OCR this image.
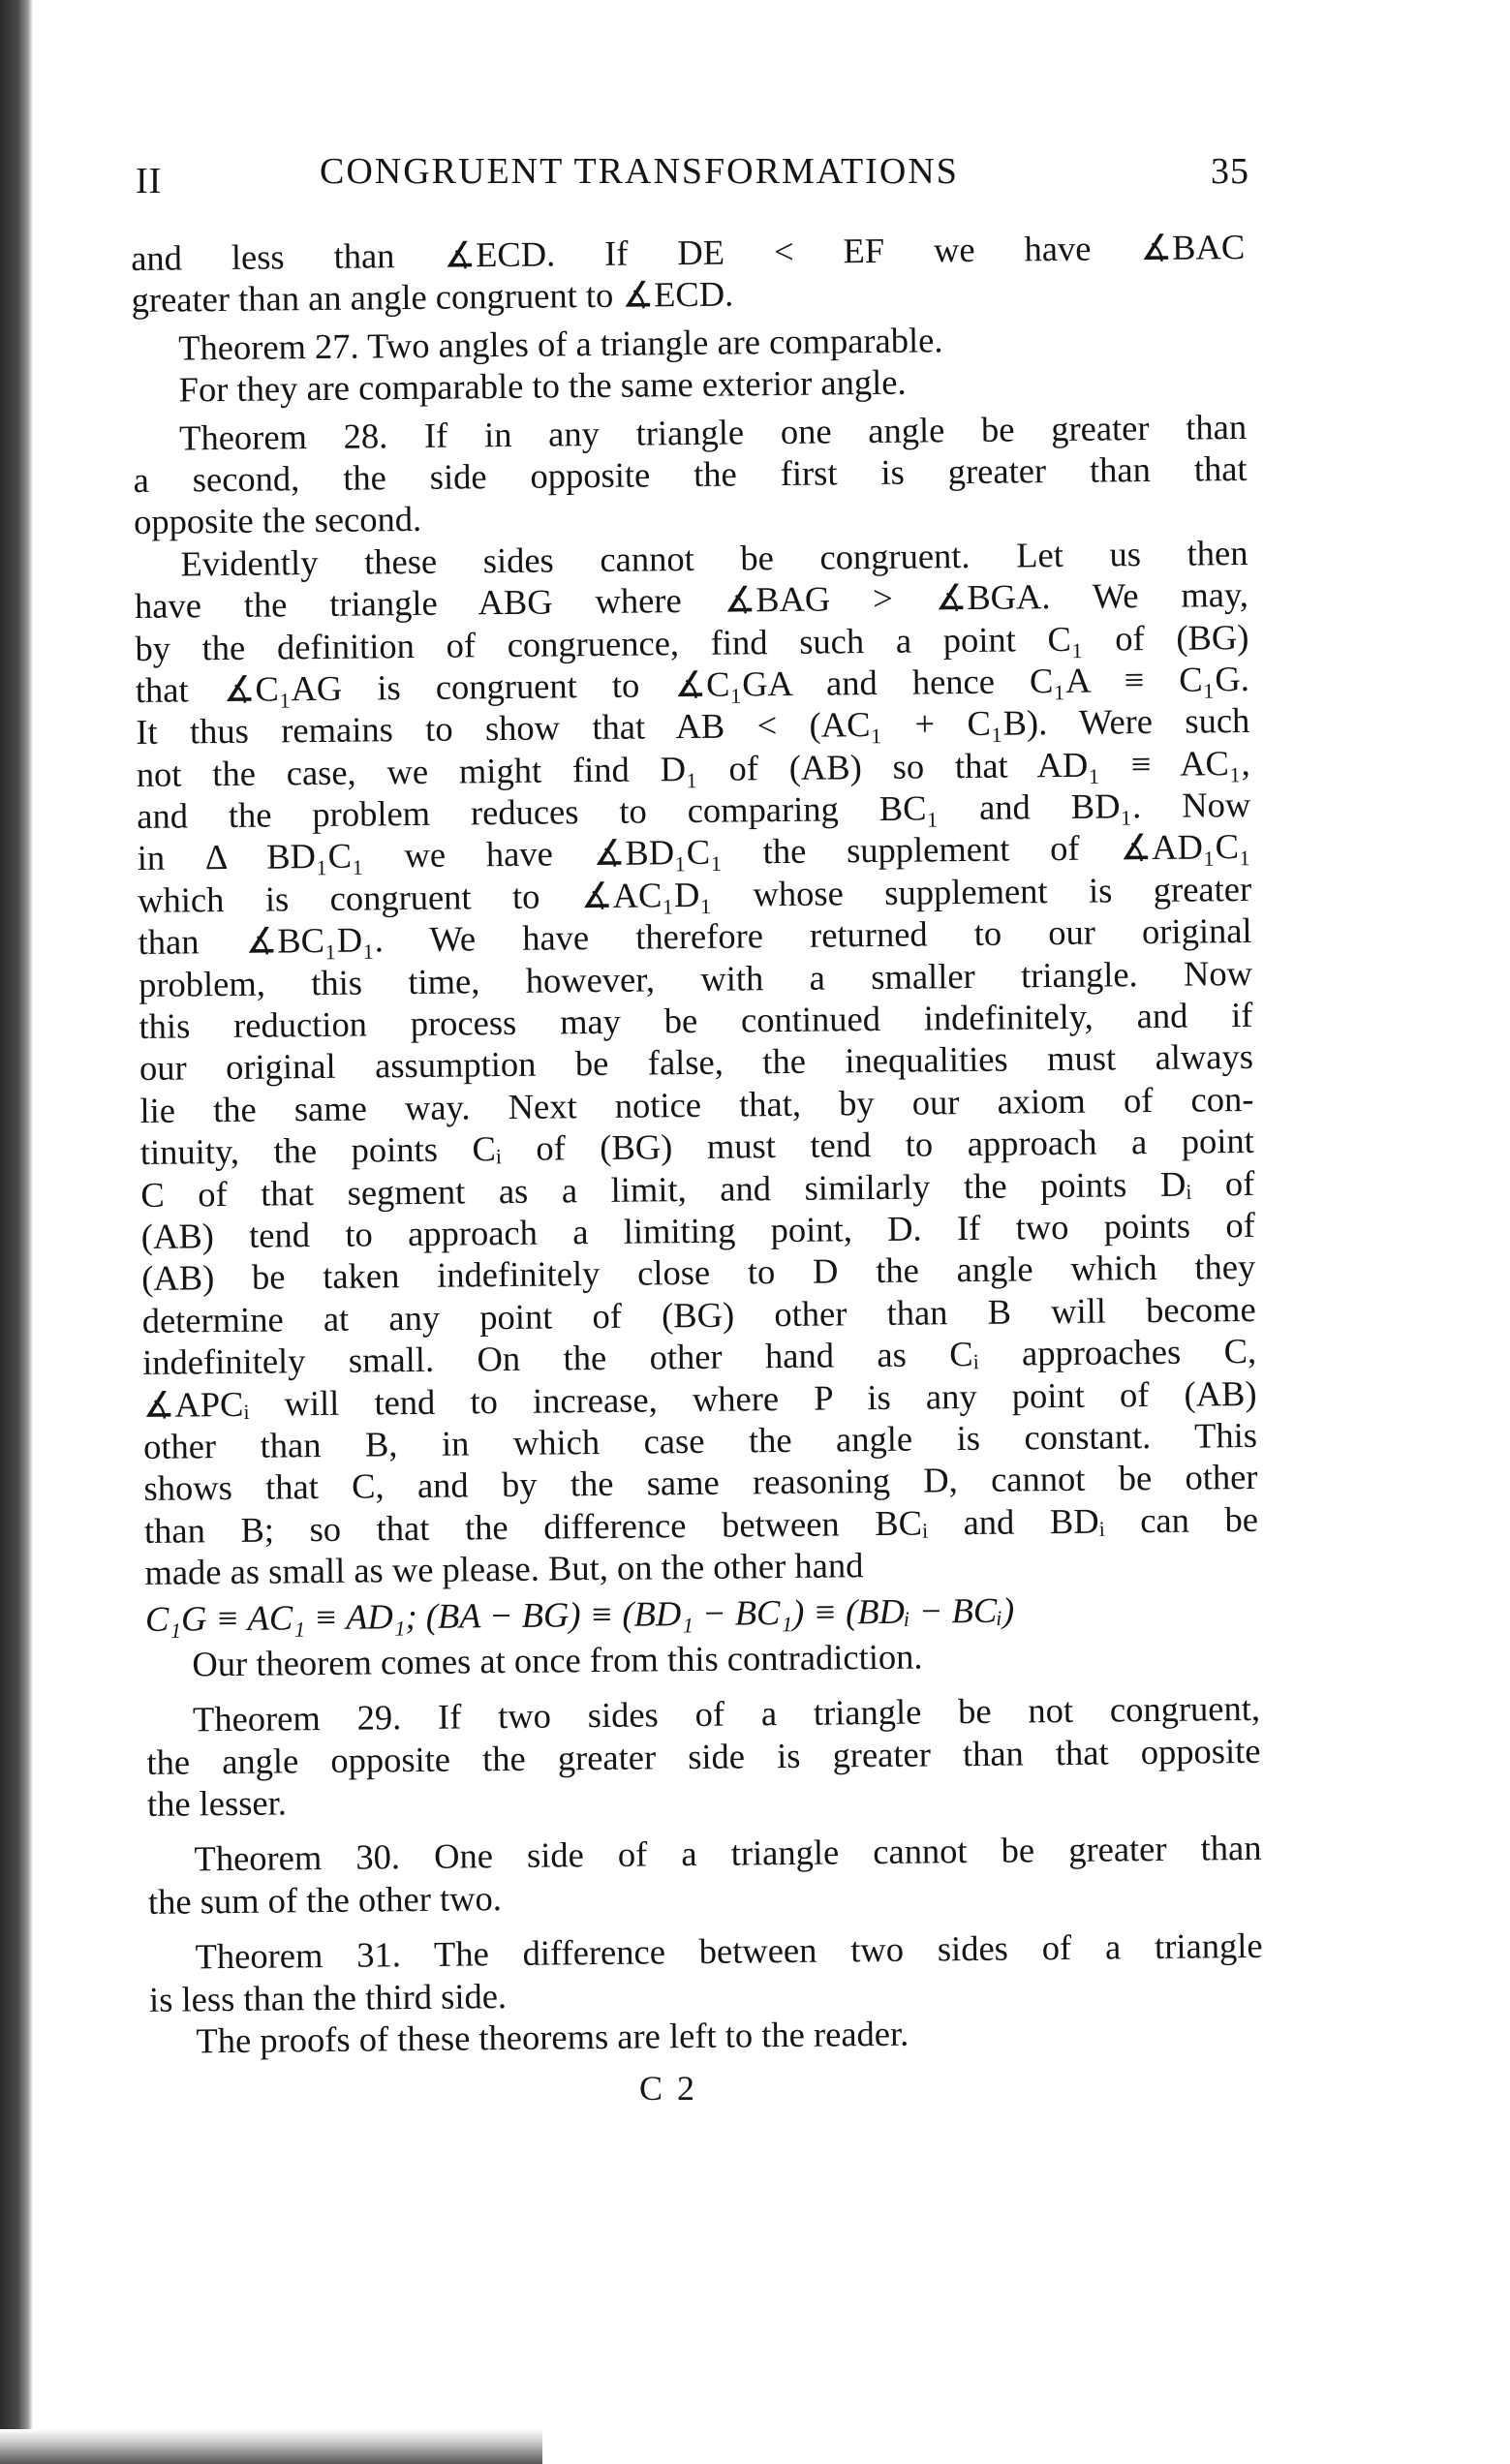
II	CONGRUENT TRANSFORMATIONS	35
and less than ∡ECD. If DE < EF we have ∡BAC
greater than an angle congruent to ∡ECD.
Theorem 27. Two angles of a triangle are comparable.
For they are comparable to the same exterior angle.
Theorem 28. If in any triangle one angle be greater than
a second, the side opposite the first is greater than that
opposite the second.
Evidently these sides cannot be congruent. Let us then
have the triangle ABG where ∡BAG > ∡BGA. We may,
by the definition of congruence, find such a point C₁ of (BG)
that ∡C₁AG is congruent to ∡C₁GA and hence C₁A ≡ C₁G.
It thus remains to show that AB < (AC₁ + C₁B). Were such
not the case, we might find D₁ of (AB) so that AD₁ ≡ AC₁,
and the problem reduces to comparing BC₁ and BD₁. Now
in Δ BD₁C₁ we have ∡BD₁C₁ the supplement of ∡AD₁C₁
which is congruent to ∡AC₁D₁ whose supplement is greater
than ∡BC₁D₁. We have therefore returned to our original
problem, this time, however, with a smaller triangle. Now
this reduction process may be continued indefinitely, and if
our original assumption be false, the inequalities must always
lie the same way. Next notice that, by our axiom of con-
tinuity, the points Cᵢ of (BG) must tend to approach a point
C of that segment as a limit, and similarly the points Dᵢ of
(AB) tend to approach a limiting point, D. If two points of
(AB) be taken indefinitely close to D the angle which they
determine at any point of (BG) other than B will become
indefinitely small. On the other hand as Cᵢ approaches C,
∡APCᵢ will tend to increase, where P is any point of (AB)
other than B, in which case the angle is constant. This
shows that C, and by the same reasoning D, cannot be other
than B; so that the difference between BCᵢ and BDᵢ can be
made as small as we please. But, on the other hand
C₁G ≡ AC₁ ≡ AD₁; (BA − BG) ≡ (BD₁ − BC₁) ≡ (BDᵢ − BCᵢ)
Our theorem comes at once from this contradiction.
Theorem 29. If two sides of a triangle be not congruent,
the angle opposite the greater side is greater than that opposite
the lesser.
Theorem 30. One side of a triangle cannot be greater than
the sum of the other two.
Theorem 31. The difference between two sides of a triangle
is less than the third side.
The proofs of these theorems are left to the reader.
C 2
